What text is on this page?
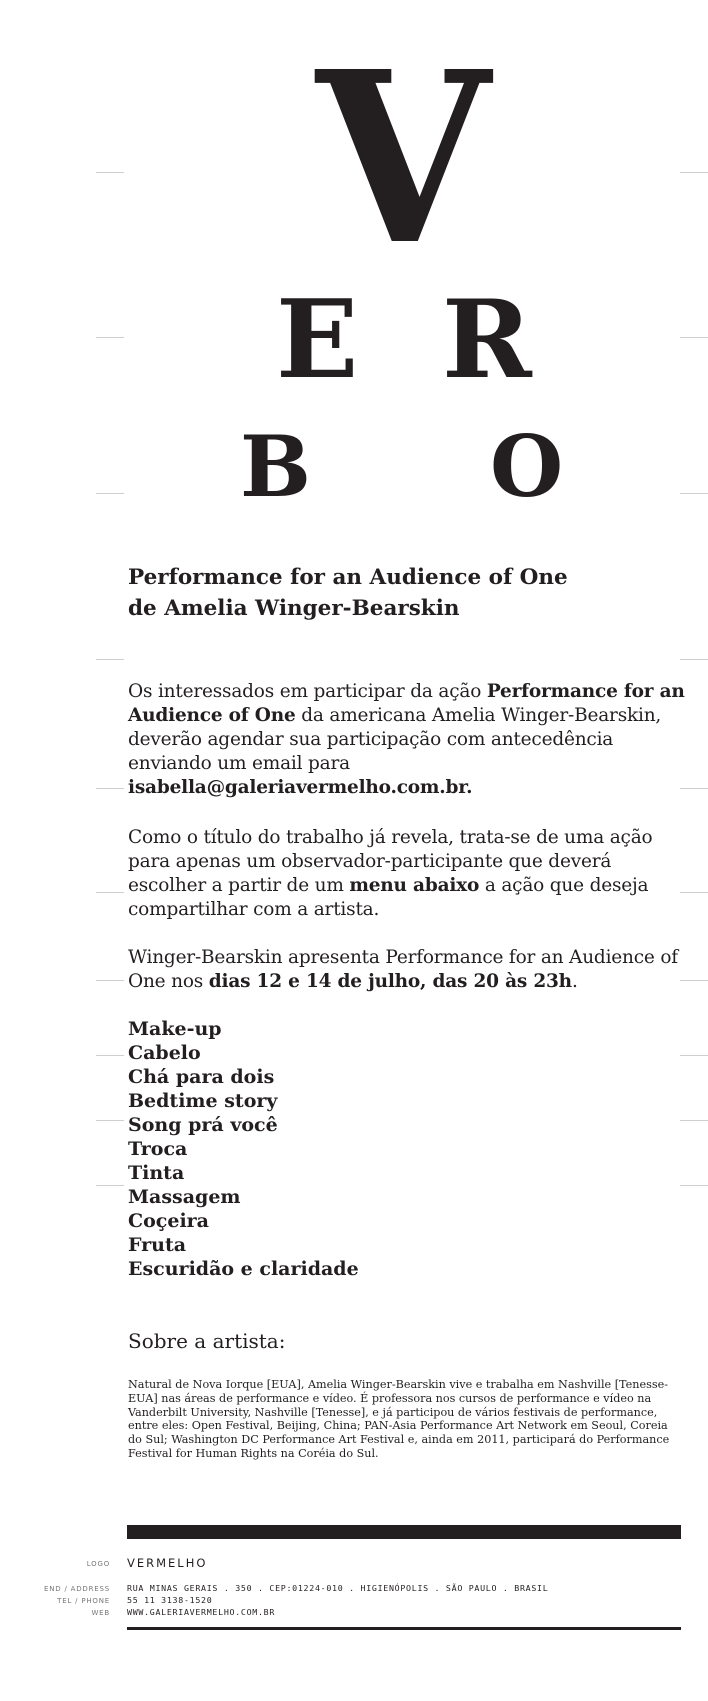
V
E R
B O
Performance for an Audience of One
de Amelia Winger-Bearskin
Os interessados em participar da ação Performance for an Audience of One da americana Amelia Winger-Bearskin, deverão agendar sua participação com antecedência enviando um email para isabella@galeriavermelho.com.br.
Como o título do trabalho já revela, trata-se de uma ação para apenas um observador-participante que deverá escolher a partir de um menu abaixo a ação que deseja compartilhar com a artista.
Winger-Bearskin apresenta Performance for an Audience of One nos dias 12 e 14 de julho, das 20 às 23h.
Make-up
Cabelo
Chá para dois
Bedtime story
Song prá você
Troca
Tinta
Massagem
Coçeira
Fruta
Escuridão e claridade
Sobre a artista:
Natural de Nova Iorque [EUA], Amelia Winger-Bearskin vive e trabalha em Nashville [Tenesse-EUA] nas áreas de performance e vídeo. É professora nos cursos de performance e vídeo na Vanderbilt University, Nashville [Tenesse], e já participou de vários festivais de performance, entre eles: Open Festival, Beijing, China; PAN-Asia Performance Art Network em Seoul, Coreia do Sul; Washington DC Performance Art Festival e, ainda em 2011, participará do Performance Festival for Human Rights na Coréia do Sul.
LOGO VERMELHO
END / ADDRESS RUA MINAS GERAIS . 350 . CEP:01224-010 . HIGIENÓPOLIS . SÃO PAULO . BRASIL
TEL / PHONE 55 11 3138-1520
WEB WWW.GALERIAVERMELHO.COM.BR
